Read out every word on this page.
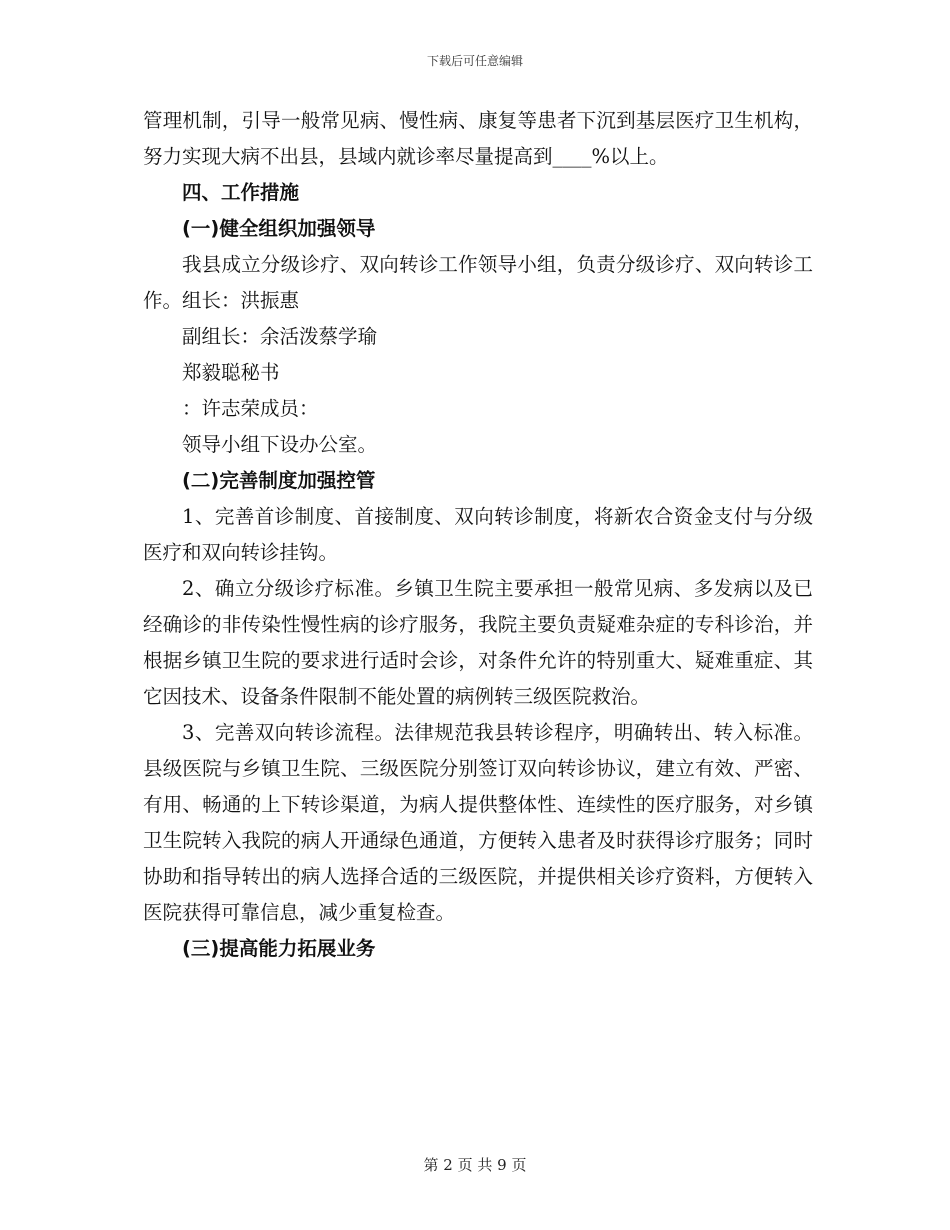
下载后可任意编辑

管理机制，引导一般常见病、慢性病、康复等患者下沉到基层医疗卫生机构，努力实现大病不出县，县域内就诊率尽量提高到____%以上。

四、工作措施

(一)健全组织加强领导

我县成立分级诊疗、双向转诊工作领导小组，负责分级诊疗、双向转诊工作。组长：洪振惠

副组长：余活泼蔡学瑜

郑毅聪秘书

：许志荣成员：

领导小组下设办公室。

(二)完善制度加强控管

1、完善首诊制度、首接制度、双向转诊制度，将新农合资金支付与分级医疗和双向转诊挂钩。

2、确立分级诊疗标准。乡镇卫生院主要承担一般常见病、多发病以及已经确诊的非传染性慢性病的诊疗服务，我院主要负责疑难杂症的专科诊治，并根据乡镇卫生院的要求进行适时会诊，对条件允许的特别重大、疑难重症、其它因技术、设备条件限制不能处置的病例转三级医院救治。

3、完善双向转诊流程。法律规范我县转诊程序，明确转出、转入标准。县级医院与乡镇卫生院、三级医院分别签订双向转诊协议，建立有效、严密、有用、畅通的上下转诊渠道，为病人提供整体性、连续性的医疗服务，对乡镇卫生院转入我院的病人开通绿色通道，方便转入患者及时获得诊疗服务；同时协助和指导转出的病人选择合适的三级医院，并提供相关诊疗资料，方便转入医院获得可靠信息，减少重复检查。

(三)提高能力拓展业务

第 2 页 共 9 页
